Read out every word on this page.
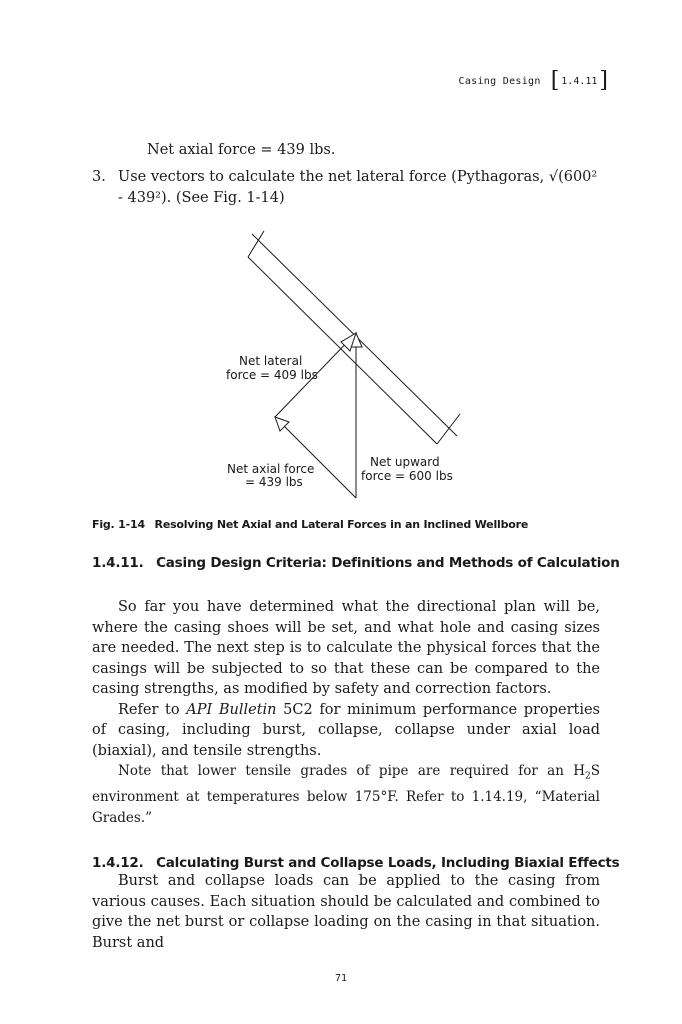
Casing Design [ 1.4.11 ]
Net axial force = 439 lbs.
3. Use vectors to calculate the net lateral force (Pythagoras, √(600² - 439²). (See Fig. 1-14)
Net lateral
force = 409 lbs
Net axial force
= 439 lbs
Net upward
force = 600 lbs
Fig. 1-14 Resolving Net Axial and Lateral Forces in an Inclined Wellbore
1.4.11. Casing Design Criteria: Definitions and Methods of Calculation

So far you have determined what the directional plan will be, where the casing shoes will be set, and what hole and casing sizes are needed. The next step is to calculate the physical forces that the casings will be subjected to so that these can be compared to the casing strengths, as modified by safety and correction factors.

Refer to API Bulletin 5C2 for minimum performance properties of casing, including burst, collapse, collapse under axial load (biaxial), and tensile strengths.

Note that lower tensile grades of pipe are required for an $H_2S$ environment at temperatures below 175°F. Refer to 1.14.19, “Material Grades.”

1.4.12. Calculating Burst and Collapse Loads, Including Biaxial Effects

Burst and collapse loads can be applied to the casing from various causes. Each situation should be calculated and combined to give the net burst or collapse loading on the casing in that situation. Burst and

71
